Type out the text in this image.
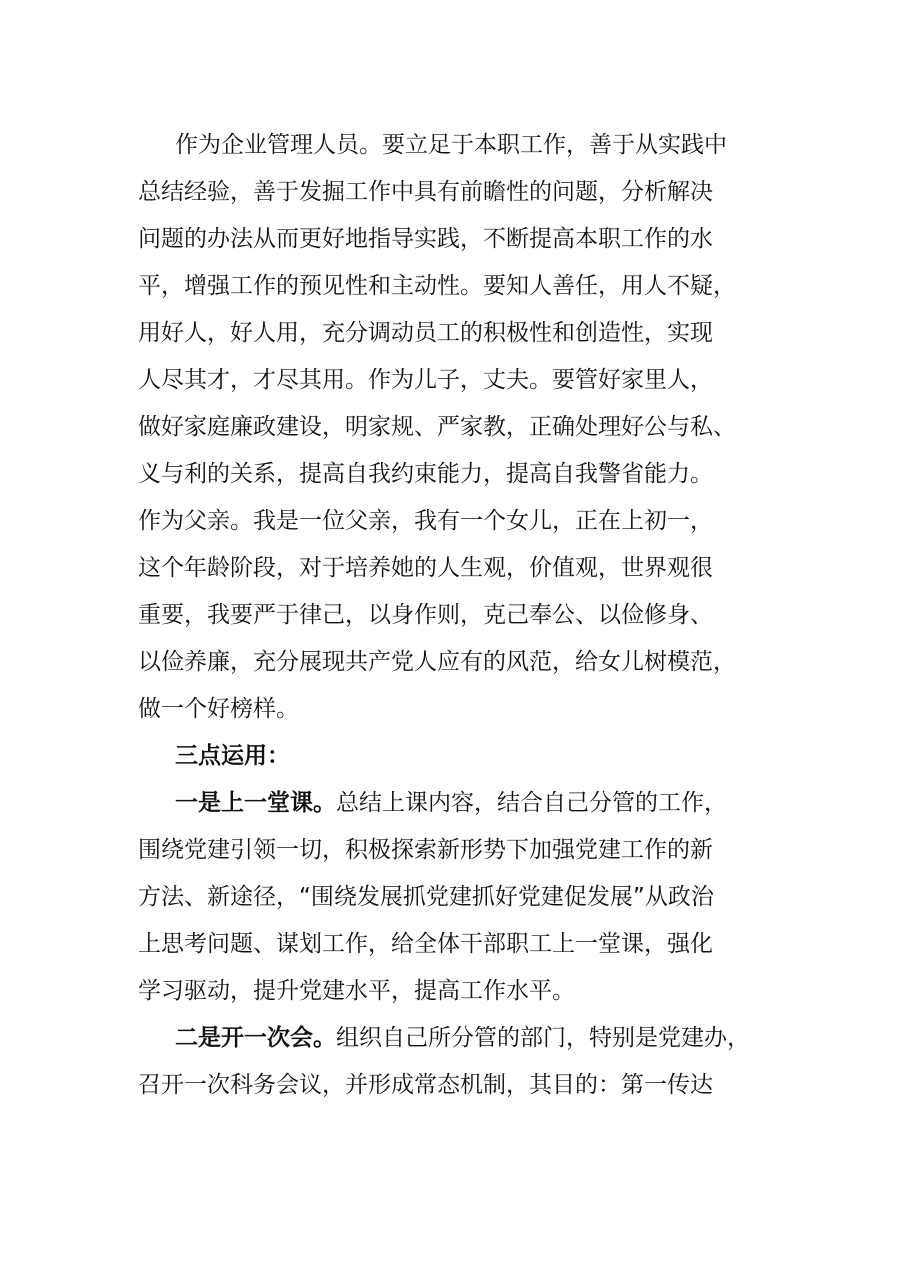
作为企业管理人员。要立足于本职工作，善于从实践中
总结经验，善于发掘工作中具有前瞻性的问题，分析解决
问题的办法从而更好地指导实践，不断提高本职工作的水
平，增强工作的预见性和主动性。要知人善任，用人不疑，
用好人，好人用，充分调动员工的积极性和创造性，实现
人尽其才，才尽其用。作为儿子，丈夫。要管好家里人，
做好家庭廉政建设，明家规、严家教，正确处理好公与私、
义与利的关系，提高自我约束能力，提高自我警省能力。
作为父亲。我是一位父亲，我有一个女儿，正在上初一，
这个年龄阶段，对于培养她的人生观，价值观，世界观很
重要，我要严于律己，以身作则，克己奉公、以俭修身、
以俭养廉，充分展现共产党人应有的风范，给女儿树模范，
做一个好榜样。
三点运用：
一是上一堂课。总结上课内容，结合自己分管的工作，
围绕党建引领一切，积极探索新形势下加强党建工作的新
方法、新途径，“围绕发展抓党建抓好党建促发展”从政治
上思考问题、谋划工作，给全体干部职工上一堂课，强化
学习驱动，提升党建水平，提高工作水平。
二是开一次会。组织自己所分管的部门，特别是党建办，
召开一次科务会议，并形成常态机制，其目的：第一传达
